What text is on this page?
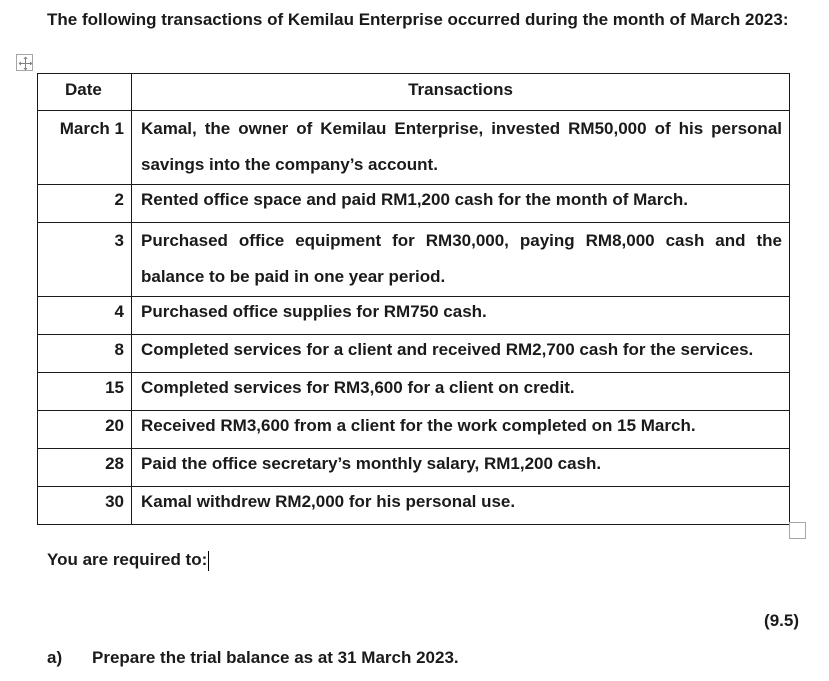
The following transactions of Kemilau Enterprise occurred during the month of March 2023:
Date	Transactions
March 1	Kamal, the owner of Kemilau Enterprise, invested RM50,000 of his personal savings into the company’s account.
2	Rented office space and paid RM1,200 cash for the month of March.
3	Purchased office equipment for RM30,000, paying RM8,000 cash and the balance to be paid in one year period.
4	Purchased office supplies for RM750 cash.
8	Completed services for a client and received RM2,700 cash for the services.
15	Completed services for RM3,600 for a client on credit.
20	Received RM3,600 from a client for the work completed on 15 March.
28	Paid the office secretary’s monthly salary, RM1,200 cash.
30	Kamal withdrew RM2,000 for his personal use.
You are required to:
(9.5)
a) Prepare the trial balance as at 31 March 2023.
